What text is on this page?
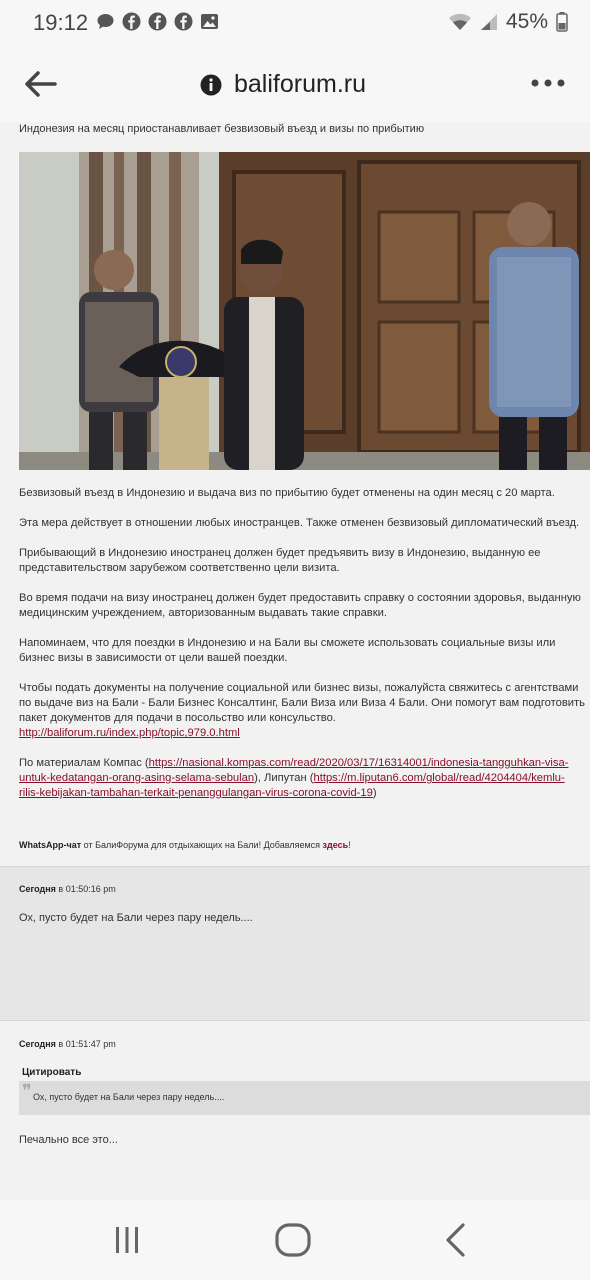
19:12	45%
baliforum.ru
Индонезия на месяц приостанавливает безвизовый въезд и визы по прибытию
Безвизовый въезд в Индонезию и выдача виз по прибытию будет отменены на один месяц с 20 марта.
Эта мера действует в отношении любых иностранцев. Также отменен безвизовый дипломатический въезд.
Прибывающий в Индонезию иностранец должен будет предъявить визу в Индонезию, выданную ее представительством зарубежом соответственно цели визита.
Во время подачи на визу иностранец должен будет предоставить справку о состоянии здоровья, выданную медицинским учреждением, авторизованным выдавать такие справки.
Напоминаем, что для поездки в Индонезию и на Бали вы сможете использовать социальные визы или бизнес визы в зависимости от цели вашей поездки.
Чтобы подать документы на получение социальной или бизнес визы, пожалуйста свяжитесь с агентствами по выдаче виз на Бали - Бали Бизнес Консалтинг, Бали Виза или Виза 4 Бали. Они помогут вам подготовить пакет документов для подачи в посольство или консульство.
http://baliforum.ru/index.php/topic,979.0.html
По материалам Компас (https://nasional.kompas.com/read/2020/03/17/16314001/indonesia-tangguhkan-visa-untuk-kedatangan-orang-asing-selama-sebulan), Липутан (https://m.liputan6.com/global/read/4204404/kemlu-rilis-kebijakan-tambahan-terkait-penanggulangan-virus-corona-covid-19)
WhatsApp-чат от БалиФорума для отдыхающих на Бали! Добавляемся здесь!
Сегодня в 01:50:16 pm
Ох, пусто будет на Бали через пару недель....
Сегодня в 01:51:47 pm
Цитировать
❞ Ох, пусто будет на Бали через пару недель....
Печально все это...
